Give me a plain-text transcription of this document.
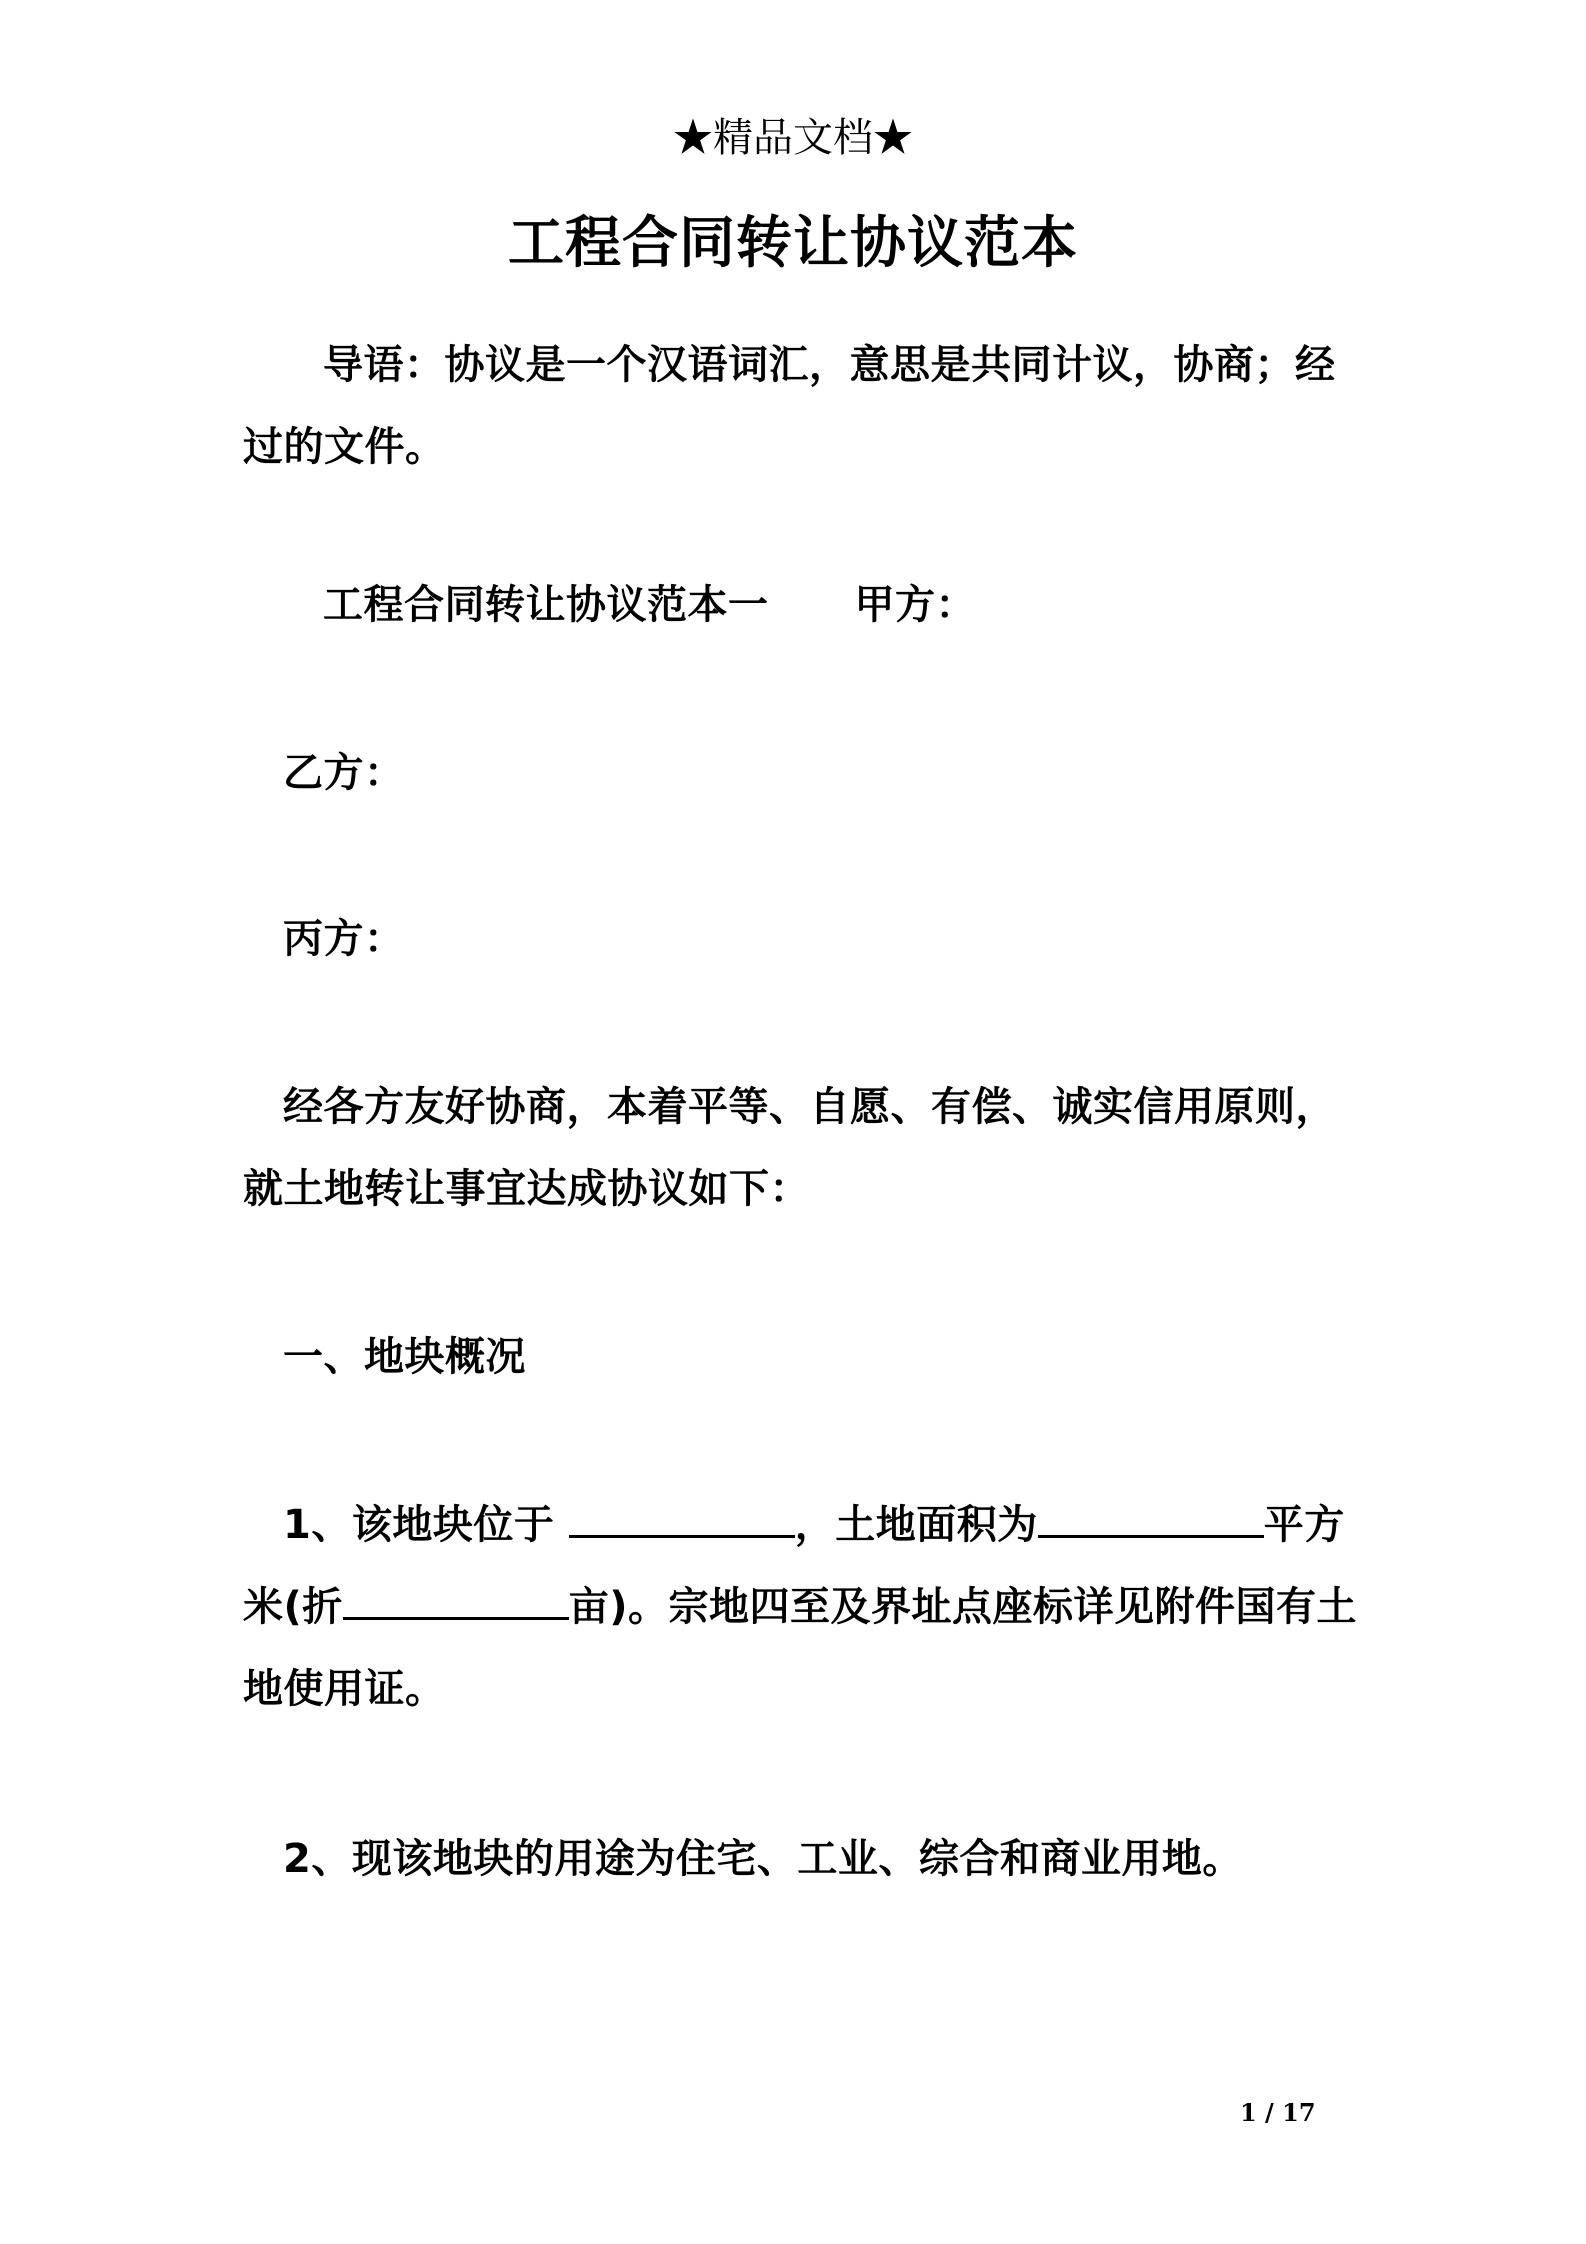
★精品文档★
工程合同转让协议范本
导语：协议是一个汉语词汇，意思是共同计议，协商；经过的文件。
工程合同转让协议范本一 甲方：
乙方：
丙方：
经各方友好协商，本着平等、自愿、有偿、诚实信用原则，就土地转让事宜达成协议如下：
一、地块概况
1、该地块位于	，土地面积为	平方米(折	亩)。宗地四至及界址点座标详见附件国有土地使用证。
2、现该地块的用途为住宅、工业、综合和商业用地。
1 / 17
